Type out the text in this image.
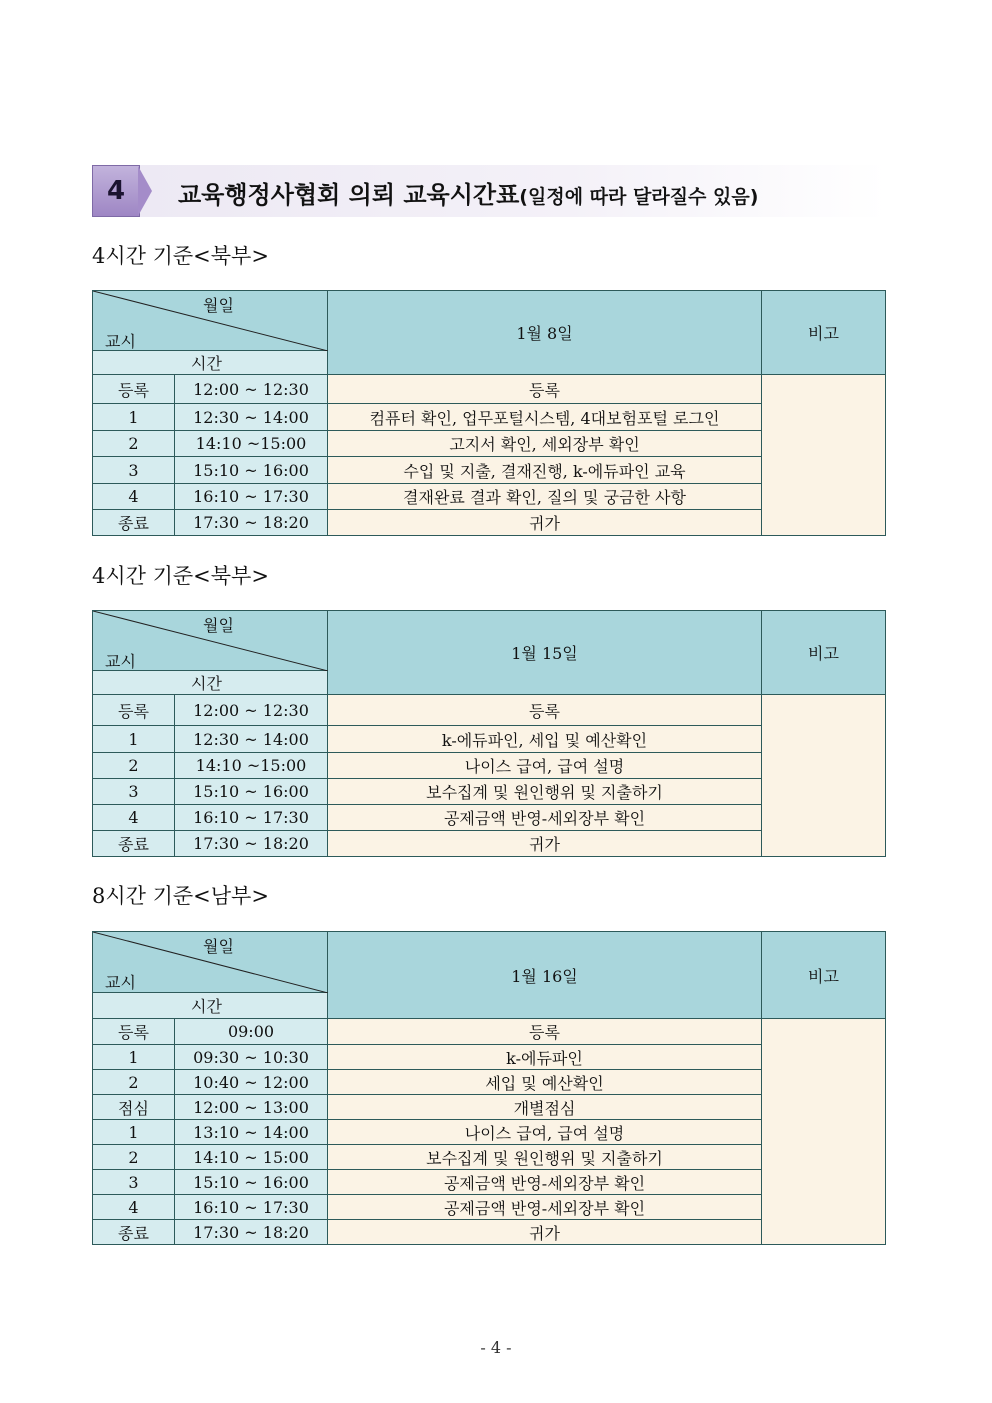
4	교육행정사협회 의뢰 교육시간표(일정에 따라 달라질수 있음)
4시간 기준<북부>
월일
교시		1월 8일	비고
시간			
등록	12:00 ~ 12:30	등록	
1	12:30 ~ 14:00	컴퓨터 확인, 업무포털시스템, 4대보험포털 로그인	
2	14:10 ~15:00	고지서 확인, 세외장부 확인	
3	15:10 ~ 16:00	수입 및 지출, 결재진행, k-에듀파인 교육	
4	16:10 ~ 17:30	결재완료 결과 확인, 질의 및 궁금한 사항	
종료	17:30 ~ 18:20	귀가	
4시간 기준<북부>
월일
교시		1월 15일	비고
시간			
등록	12:00 ~ 12:30	등록	
1	12:30 ~ 14:00	k-에듀파인, 세입 및 예산확인	
2	14:10 ~15:00	나이스 급여, 급여 설명	
3	15:10 ~ 16:00	보수집계 및 원인행위 및 지출하기	
4	16:10 ~ 17:30	공제금액 반영-세외장부 확인	
종료	17:30 ~ 18:20	귀가	
8시간 기준<남부>
월일
교시		1월 16일	비고
시간			
등록	09:00	등록	
1	09:30 ~ 10:30	k-에듀파인	
2	10:40 ~ 12:00	세입 및 예산확인	
점심	12:00 ~ 13:00	개별점심	
1	13:10 ~ 14:00	나이스 급여, 급여 설명	
2	14:10 ~ 15:00	보수집계 및 원인행위 및 지출하기	
3	15:10 ~ 16:00	공제금액 반영-세외장부 확인	
4	16:10 ~ 17:30	공제금액 반영-세외장부 확인	
종료	17:30 ~ 18:20	귀가	
- 4 -
